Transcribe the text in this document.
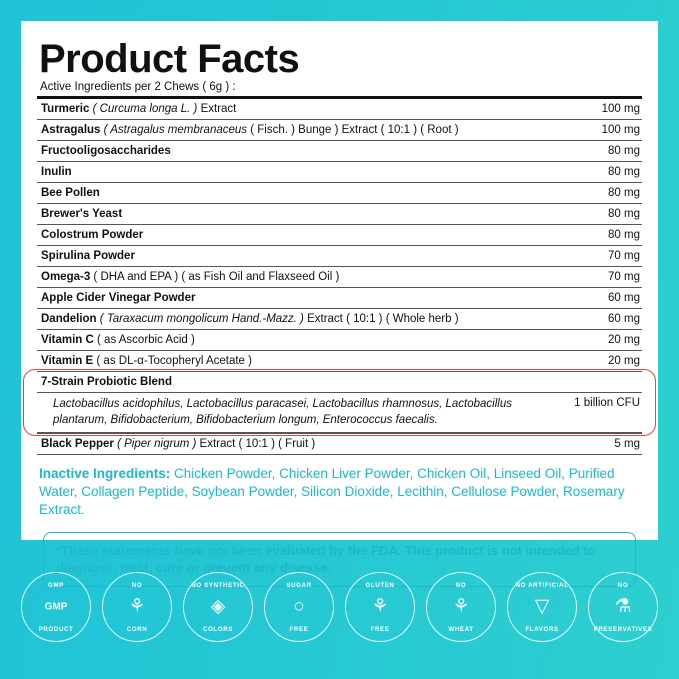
Product Facts
Active Ingredients per 2 Chews ( 6g ) :
Turmeric ( Curcuma longa L. ) Extract	100 mg
Astragalus ( Astragalus membranaceus ( Fisch. ) Bunge ) Extract ( 10:1 ) ( Root )	100 mg
Fructooligosaccharides	80 mg
Inulin	80 mg
Bee Pollen	80 mg
Brewer's Yeast	80 mg
Colostrum Powder	80 mg
Spirulina Powder	70 mg
Omega-3 ( DHA and EPA ) ( as Fish Oil and Flaxseed Oil )	70 mg
Apple Cider Vinegar Powder	60 mg
Dandelion ( Taraxacum mongolicum Hand.-Mazz. ) Extract ( 10:1 ) ( Whole herb )	60 mg
Vitamin C ( as Ascorbic Acid )	20 mg
Vitamin E ( as DL-α-Tocopheryl Acetate )	20 mg
7-Strain Probiotic Blend	
Lactobacillus acidophilus, Lactobacillus paracasei, Lactobacillus rhamnosus, Lactobacillus plantarum, Bifidobacterium, Bifidobacterium longum, Enterococcus faecalis.	1 billion CFU
Black Pepper ( Piper nigrum ) Extract ( 10:1 ) ( Fruit )	5 mg
Inactive Ingredients: Chicken Powder, Chicken Liver Powder, Chicken Oil, Linseed Oil, Purified Water, Collagen Peptide, Soybean Powder, Silicon Dioxide, Lecithin, Cellulose Powder, Rosemary Extract.
*These statements have not been evaluated by the FDA. This product is not intended to diagnose, treat, cure or prevent any disease.
GMP
GMP
PRODUCT
NO
⚘
CORN
NO SYNTHETIC
◈
COLORS
SUGAR
○
FREE
GLUTEN
⚘
FREE
NO
⚘
WHEAT
NO ARTIFICIAL
▽
FLAVORS
NO
⚗
PRESERVATIVES
